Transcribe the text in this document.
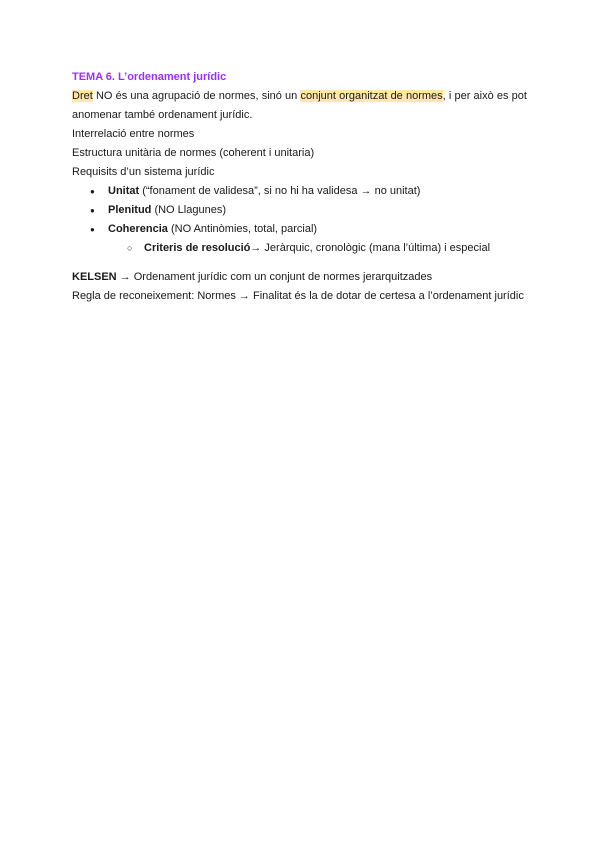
TEMA 6. L’ordenament jurídic

Dret NO és una agrupació de normes, sinó un conjunt organitzat de normes, i per això es pot anomenar també ordenament jurídic.

Interrelació entre normes

Estructura unitària de normes (coherent i unitaria)

Requisits d’un sistema jurídic

● Unitat (“fonament de validesa”, si no hi ha validesa → no unitat)
● Plenitud (NO Llagunes)
● Coherencia (NO Antinòmies, total, parcial)
○ Criteris de resolució→ Jeràrquic, cronològic (mana l’última) i especial

KELSEN → Ordenament jurídic com un conjunt de normes jerarquitzades

Regla de reconeixement: Normes → Finalitat és la de dotar de certesa a l’ordenament jurídic
